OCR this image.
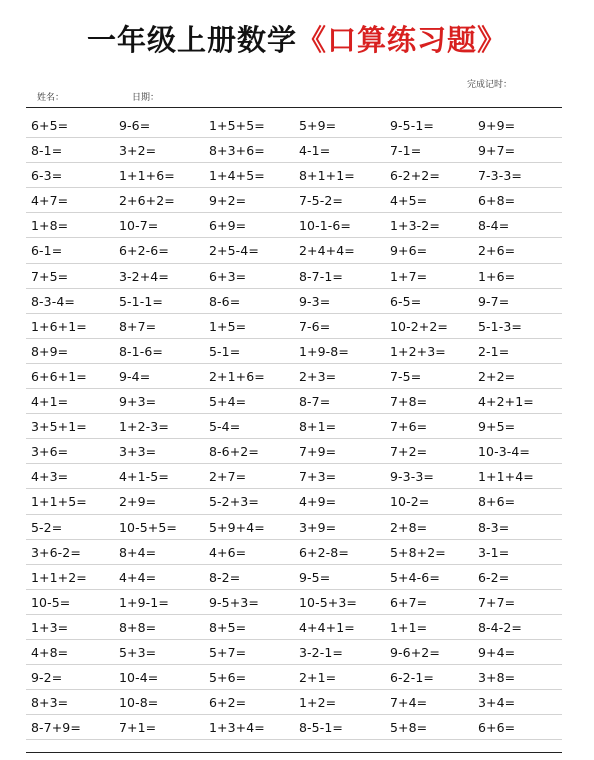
一年级上册数学《口算练习题》
完成记时：
姓名：	日期：
6+5=	9-6=	1+5+5=	5+9=	9-5-1=	9+9=
8-1=	3+2=	8+3+6=	4-1=	7-1=	9+7=
6-3=	1+1+6=	1+4+5=	8+1+1=	6-2+2=	7-3-3=
4+7=	2+6+2=	9+2=	7-5-2=	4+5=	6+8=
1+8=	10-7=	6+9=	10-1-6=	1+3-2=	8-4=
6-1=	6+2-6=	2+5-4=	2+4+4=	9+6=	2+6=
7+5=	3-2+4=	6+3=	8-7-1=	1+7=	1+6=
8-3-4=	5-1-1=	8-6=	9-3=	6-5=	9-7=
1+6+1=	8+7=	1+5=	7-6=	10-2+2= 5-1-3=
8+9=	8-1-6=	5-1=	1+9-8=	1+2+3=	2-1=
6+6+1=	9-4=	2+1+6=	2+3=	7-5=	2+2=
4+1=	9+3=	5+4=	8-7=	7+8=	4+2+1=
3+5+1=	1+2-3=	5-4=	8+1=	7+6=	9+5=
3+6=	3+3=	8-6+2=	7+9=	7+2=	10-3-4=
4+3=	4+1-5=	2+7=	7+3=	9-3-3=	1+1+4=
1+1+5=	2+9=	5-2+3=	4+9=	10-2=	8+6=
5-2=	10-5+5=	5+9+4=	3+9=	2+8=	8-3=
3+6-2=	8+4=	4+6=	6+2-8=	5+8+2=	3-1=
1+1+2=	4+4=	8-2=	9-5=	5+4-6=	6-2=
10-5=	1+9-1=	9-5+3=	10-5+3=	6+7=	7+7=
1+3=	8+8=	8+5=	4+4+1=	1+1=	8-4-2=
4+8=	5+3=	5+7=	3-2-1=	9-6+2=	9+4=
9-2=	10-4=	5+6=	2+1=	6-2-1=	3+8=
8+3=	10-8=	6+2=	1+2=	7+4=	3+4=
8-7+9=	7+1=	1+3+4=	8-5-1=	5+8=	6+6=
